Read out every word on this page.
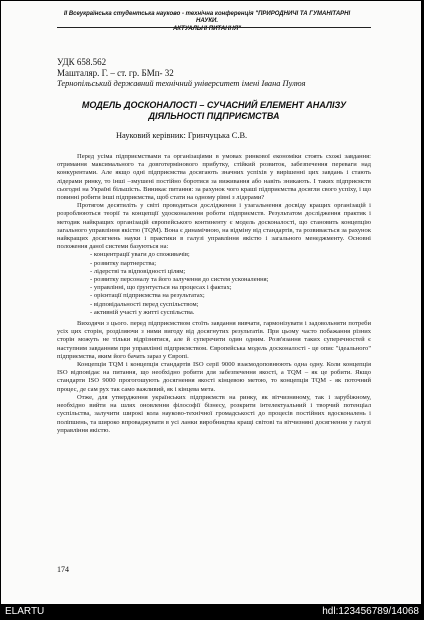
II Всеукраїнська студентська науково - технічна конференція "ПРИРОДНИЧІ ТА ГУМАНІТАРНІ НАУКИ.
АКТУАЛЬНІ ПИТАННЯ"
УДК 658.562
Машталяр. Г. – ст. гр. БМп- 32
Тернопільський державний технічний університет імені Івана Пулюя
МОДЕЛЬ ДОСКОНАЛОСТІ – СУЧАСНИЙ ЕЛЕМЕНТ АНАЛІЗУ
ДІЯЛЬНОСТІ ПІДПРИЄМСТВА
Науковий керівник: Гринчуцька С.В.

Перед усіма підприємствами та організаціями в умовах ринкової економіки стоять схожі завдання: отримання максимального та довготермінового прибутку, стійкий розвиток, забезпечення переваги над конкурентами. Але якщо одні підприємства досягають значних успіхів у вирішенні цих завдань і стають лідерами ринку, то інші –змушені постійно боротися за виживання або навіть зникають. І таких підприємств сьогодні на Україні більшість. Виникає питання: за рахунок чого краші підприємства досягли свого успіху, і що повинні робити інші підприємства, щоб стати на одному рівні з лідерами?

Протягом десятиліть у світі проводяться дослідження і узагальнення досвіду кращих організацій і розроблюються теорії та концепції удосконалення роботи підприємств. Результатом дослідження практик і методик найкращих організацій європейського континенту є модель досконалості, що становить концепцію загального управління якістю (TQM). Вона є динамічною, на відміну від стандартів, та розвивається за рахунок найкращих досягнень науки і практики в галузі управління якістю і загального менеджменту. Основні положення даної системи базуються на:

- концентрації уваги до споживачів;
- розвитку партнерства;
- лідерстві та відповідності цілям;
- розвитку персоналу та його залучення до систем усконалення;
- управлінні, що ґрунтується на процесах і фактах;
- орієнтації підприємства на результатах;
- відповідальності перед суспільством;
- активній участі у житті суспільства.

Виходячи з цього. перед підприємством стоїть завдання вивчати, гармонізувати і задовольняти потреби усіх цих сторін, розділяючи з ними вигоду від досягнутих результатів. При цьому часто побажання різних сторін можуть не тільки відрізнятися, але й суперечити один одним. Розв'язання таких суперечностей є наступним завданням при управлінні підприємством. Європейська модель досконалості - це опис "ідеального" підприємства, яким його бачать зараз у Європі.

Концепція TQM і концепція стандартів ISO серії 9000 взаємодоповнюють одна одну. Коли концепція ISO відповідає на питання, що необхідно робити для забезпечення якості, а TQM – як це робити. Якщо стандарти ISO 9000 прогогошують досягнення якості кінцевою метою, то концепція TQM - як поточний процес, де сам рух так само важливий, як і кінцева мета.

Отже, для утвердження українських підприємств на ринку, як вітчизняному, так і зарубіжному, необхідно вийти на шлях оновлення філософії бізнесу, розкрити інтелектуальний і творчий потенціал суспільства, залучити широкі кола науково-технічної громадськості до процесів постійних вдосконалень і поліпшень, та широко впроваджувати в усі ланки виробництва кращі світові та вітчизняні досягнення у галузі управління якістю.

174
ELARTU	hdl:123456789/14068
